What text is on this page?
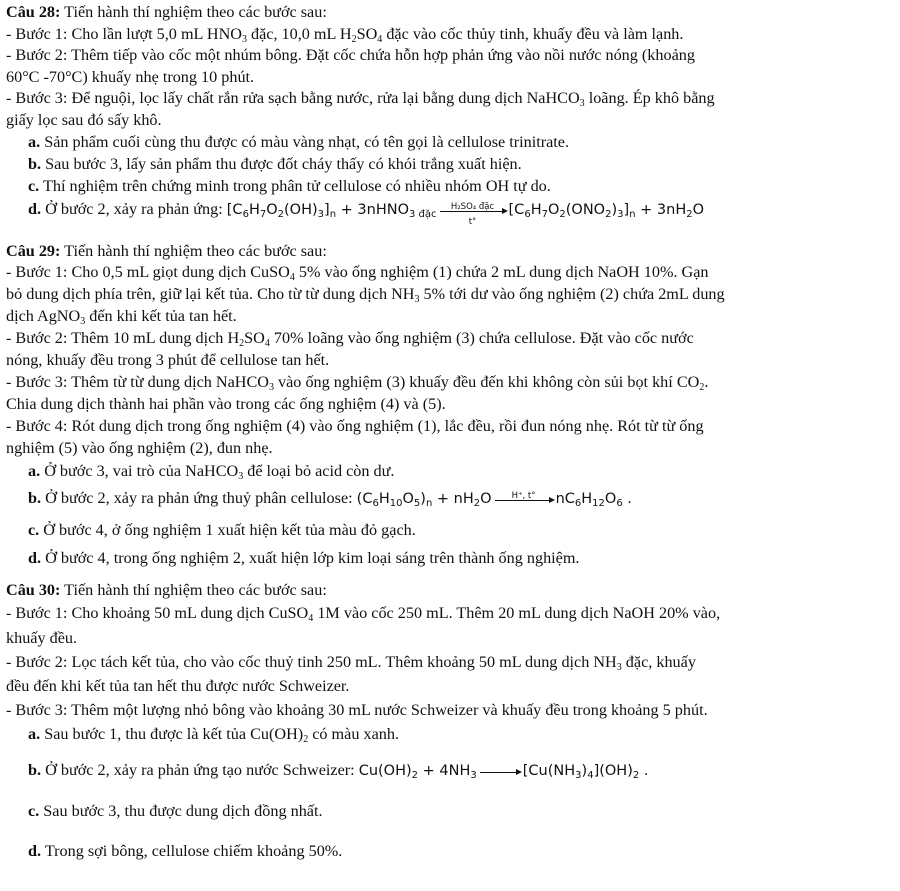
Câu 28: Tiến hành thí nghiệm theo các bước sau:
- Bước 1: Cho lần lượt 5,0 mL $HNO_3$ đặc, 10,0 mL $H_2SO_4$ đặc vào cốc thủy tinh, khuấy đều và làm lạnh.
- Bước 2: Thêm tiếp vào cốc một nhúm bông. Đặt cốc chứa hỗn hợp phản ứng vào nồi nước nóng (khoảng
60°C -70°C) khuấy nhẹ trong 10 phút.
- Bước 3: Để nguội, lọc lấy chất rắn rửa sạch bằng nước, rửa lại bằng dung dịch NaHCO$_3$ loãng. Ép khô bằng
giấy lọc sau đó sấy khô.
a. Sản phẩm cuối cùng thu được có màu vàng nhạt, có tên gọi là cellulose trinitrate.
b. Sau bước 3, lấy sản phẩm thu được đốt cháy thấy có khói trắng xuất hiện.
c. Thí nghiệm trên chứng minh trong phân tử cellulose có nhiều nhóm OH tự do.
d. Ở bước 2, xảy ra phản ứng: $[C_6H_7O_2(OH)_3]_n$ + 3nHNO$_{3 đặc}$
H₂SO₄ đặc
t°
$[C_6H_7O_2(ONO_2)_3]_n + 3nH_2O$
Câu 29: Tiến hành thí nghiệm theo các bước sau:
- Bước 1: Cho 0,5 mL giọt dung dịch CuSO$_4$ 5% vào ống nghiệm (1) chứa 2 mL dung dịch NaOH 10%. Gạn
bỏ dung dịch phía trên, giữ lại kết tủa. Cho từ từ dung dịch $NH_3$ 5% tới dư vào ống nghiệm (2) chứa 2mL dung
dịch AgNO$_3$ đến khi kết tủa tan hết.
- Bước 2: Thêm 10 mL dung dịch $H_2SO_4$ 70% loãng vào ống nghiệm (3) chứa cellulose. Đặt vào cốc nước
nóng, khuấy đều trong 3 phút để cellulose tan hết.
- Bước 3: Thêm từ từ dung dịch NaHCO$_3$ vào ống nghiệm (3) khuấy đều đến khi không còn sủi bọt khí $CO_2$.
Chia dung dịch thành hai phần vào trong các ống nghiệm (4) và (5).
- Bước 4: Rót dung dịch trong ống nghiệm (4) vào ống nghiệm (1), lắc đều, rồi đun nóng nhẹ. Rót từ từ ống
nghiệm (5) vào ống nghiệm (2), đun nhẹ.
a. Ở bước 3, vai trò của NaHCO$_3$ để loại bỏ acid còn dư.
b. Ở bước 2, xảy ra phản ứng thuỷ phân cellulose: $(C_6H_{10}O_5)_n + nH_2O$	H⁺, t°	$nC_6H_{12}O_6$ .
c. Ở bước 4, ở ống nghiệm 1 xuất hiện kết tủa màu đỏ gạch.
d. Ở bước 4, trong ống nghiệm 2, xuất hiện lớp kim loại sáng trên thành ống nghiệm.
Câu 30: Tiến hành thí nghiệm theo các bước sau:
- Bước 1: Cho khoảng 50 mL dung dịch CuSO$_4$ 1M vào cốc 250 mL. Thêm 20 mL dung dịch NaOH 20% vào,
khuấy đều.
- Bước 2: Lọc tách kết tủa, cho vào cốc thuỷ tinh 250 mL. Thêm khoảng 50 mL dung dịch $NH_3$ đặc, khuấy
đều đến khi kết tủa tan hết thu được nước Schweizer.
- Bước 3: Thêm một lượng nhỏ bông vào khoảng 30 mL nước Schweizer và khuấy đều trong khoảng 5 phút.
a. Sau bước 1, thu được là kết tủa $Cu(OH)_2$ có màu xanh.
b. Ở bước 2, xảy ra phản ứng tạo nước Schweizer: $Cu(OH)_2 + 4NH_3 \to [Cu(NH_3)_4](OH)_2$ .
c. Sau bước 3, thu được dung dịch đồng nhất.
d. Trong sợi bông, cellulose chiếm khoảng 50%.
